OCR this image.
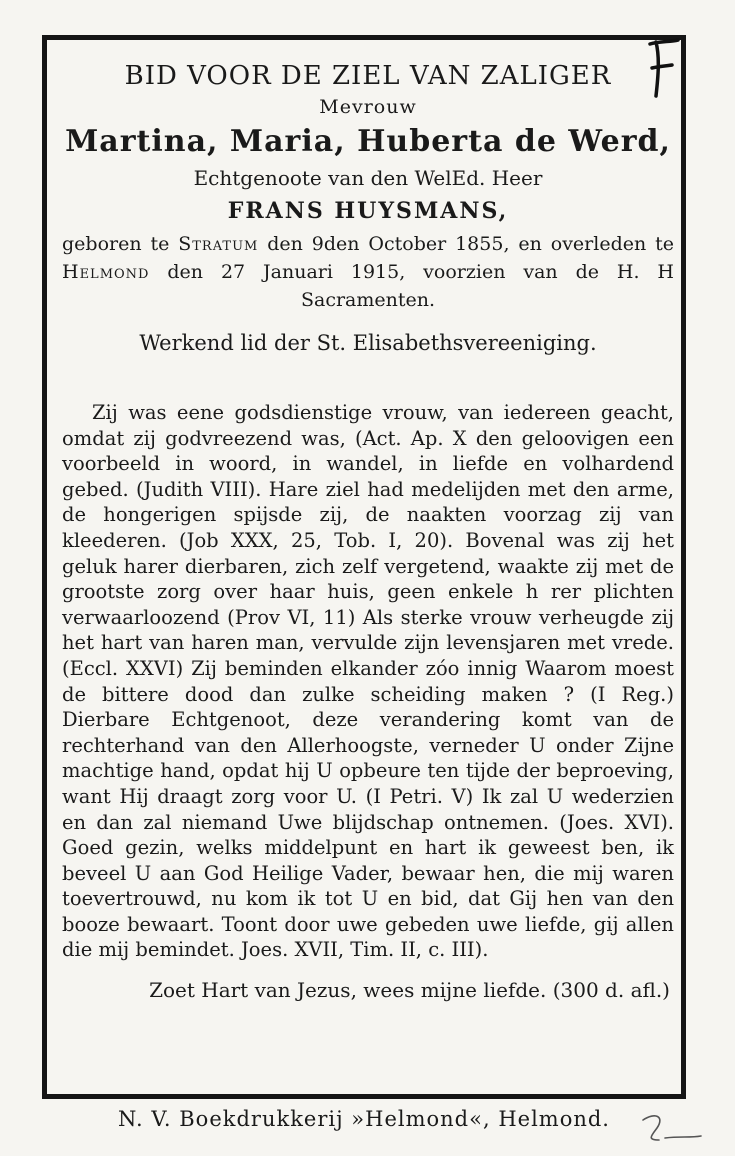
BID VOOR DE ZIEL VAN ZALIGER
Mevrouw
Martina, Maria, Huberta de Werd,
Echtgenoote van den WelEd. Heer
FRANS HUYSMANS,
geboren te Stratum den 9den October 1855, en overleden te Helmond den 27 Januari 1915, voorzien van de H. H Sacramenten.
Werkend lid der St. Elisabethsvereeniging.
Zij was eene godsdienstige vrouw, van iedereen geacht, omdat zij godvreezend was, (Act. Ap. X den geloovigen een voorbeeld in woord, in wandel, in liefde en volhardend gebed. (Judith VIII). Hare ziel had medelijden met den arme, de hongerigen spijsde zij, de naakten voorzag zij van kleederen. (Job XXX, 25, Tob. I, 20). Bovenal was zij het geluk harer dierbaren, zich zelf vergetend, waakte zij met de grootste zorg over haar huis, geen enkele h rer plichten verwaarloozend (Prov VI, 11) Als sterke vrouw verheugde zij het hart van haren man, vervulde zijn levensjaren met vrede. (Eccl. XXVI) Zij beminden elkander zóo innig Waarom moest de bittere dood dan zulke scheiding maken ? (I Reg.) Dierbare Echtgenoot, deze verandering komt van de rechterhand van den Allerhoogste, verneder U onder Zijne machtige hand, opdat hij U opbeure ten tijde der beproeving, want Hij draagt zorg voor U. (I Petri. V) Ik zal U wederzien en dan zal niemand Uwe blijdschap ontnemen. (Joes. XVI). Goed gezin, welks middelpunt en hart ik geweest ben, ik beveel U aan God Heilige Vader, bewaar hen, die mij waren toevertrouwd, nu kom ik tot U en bid, dat Gij hen van den booze bewaart. Toont door uwe gebeden uwe liefde, gij allen die mij bemindet. Joes. XVII, Tim. II, c. III).
Zoet Hart van Jezus, wees mijne liefde. (300 d. afl.)
N. V. Boekdrukkerij »Helmond«, Helmond.
